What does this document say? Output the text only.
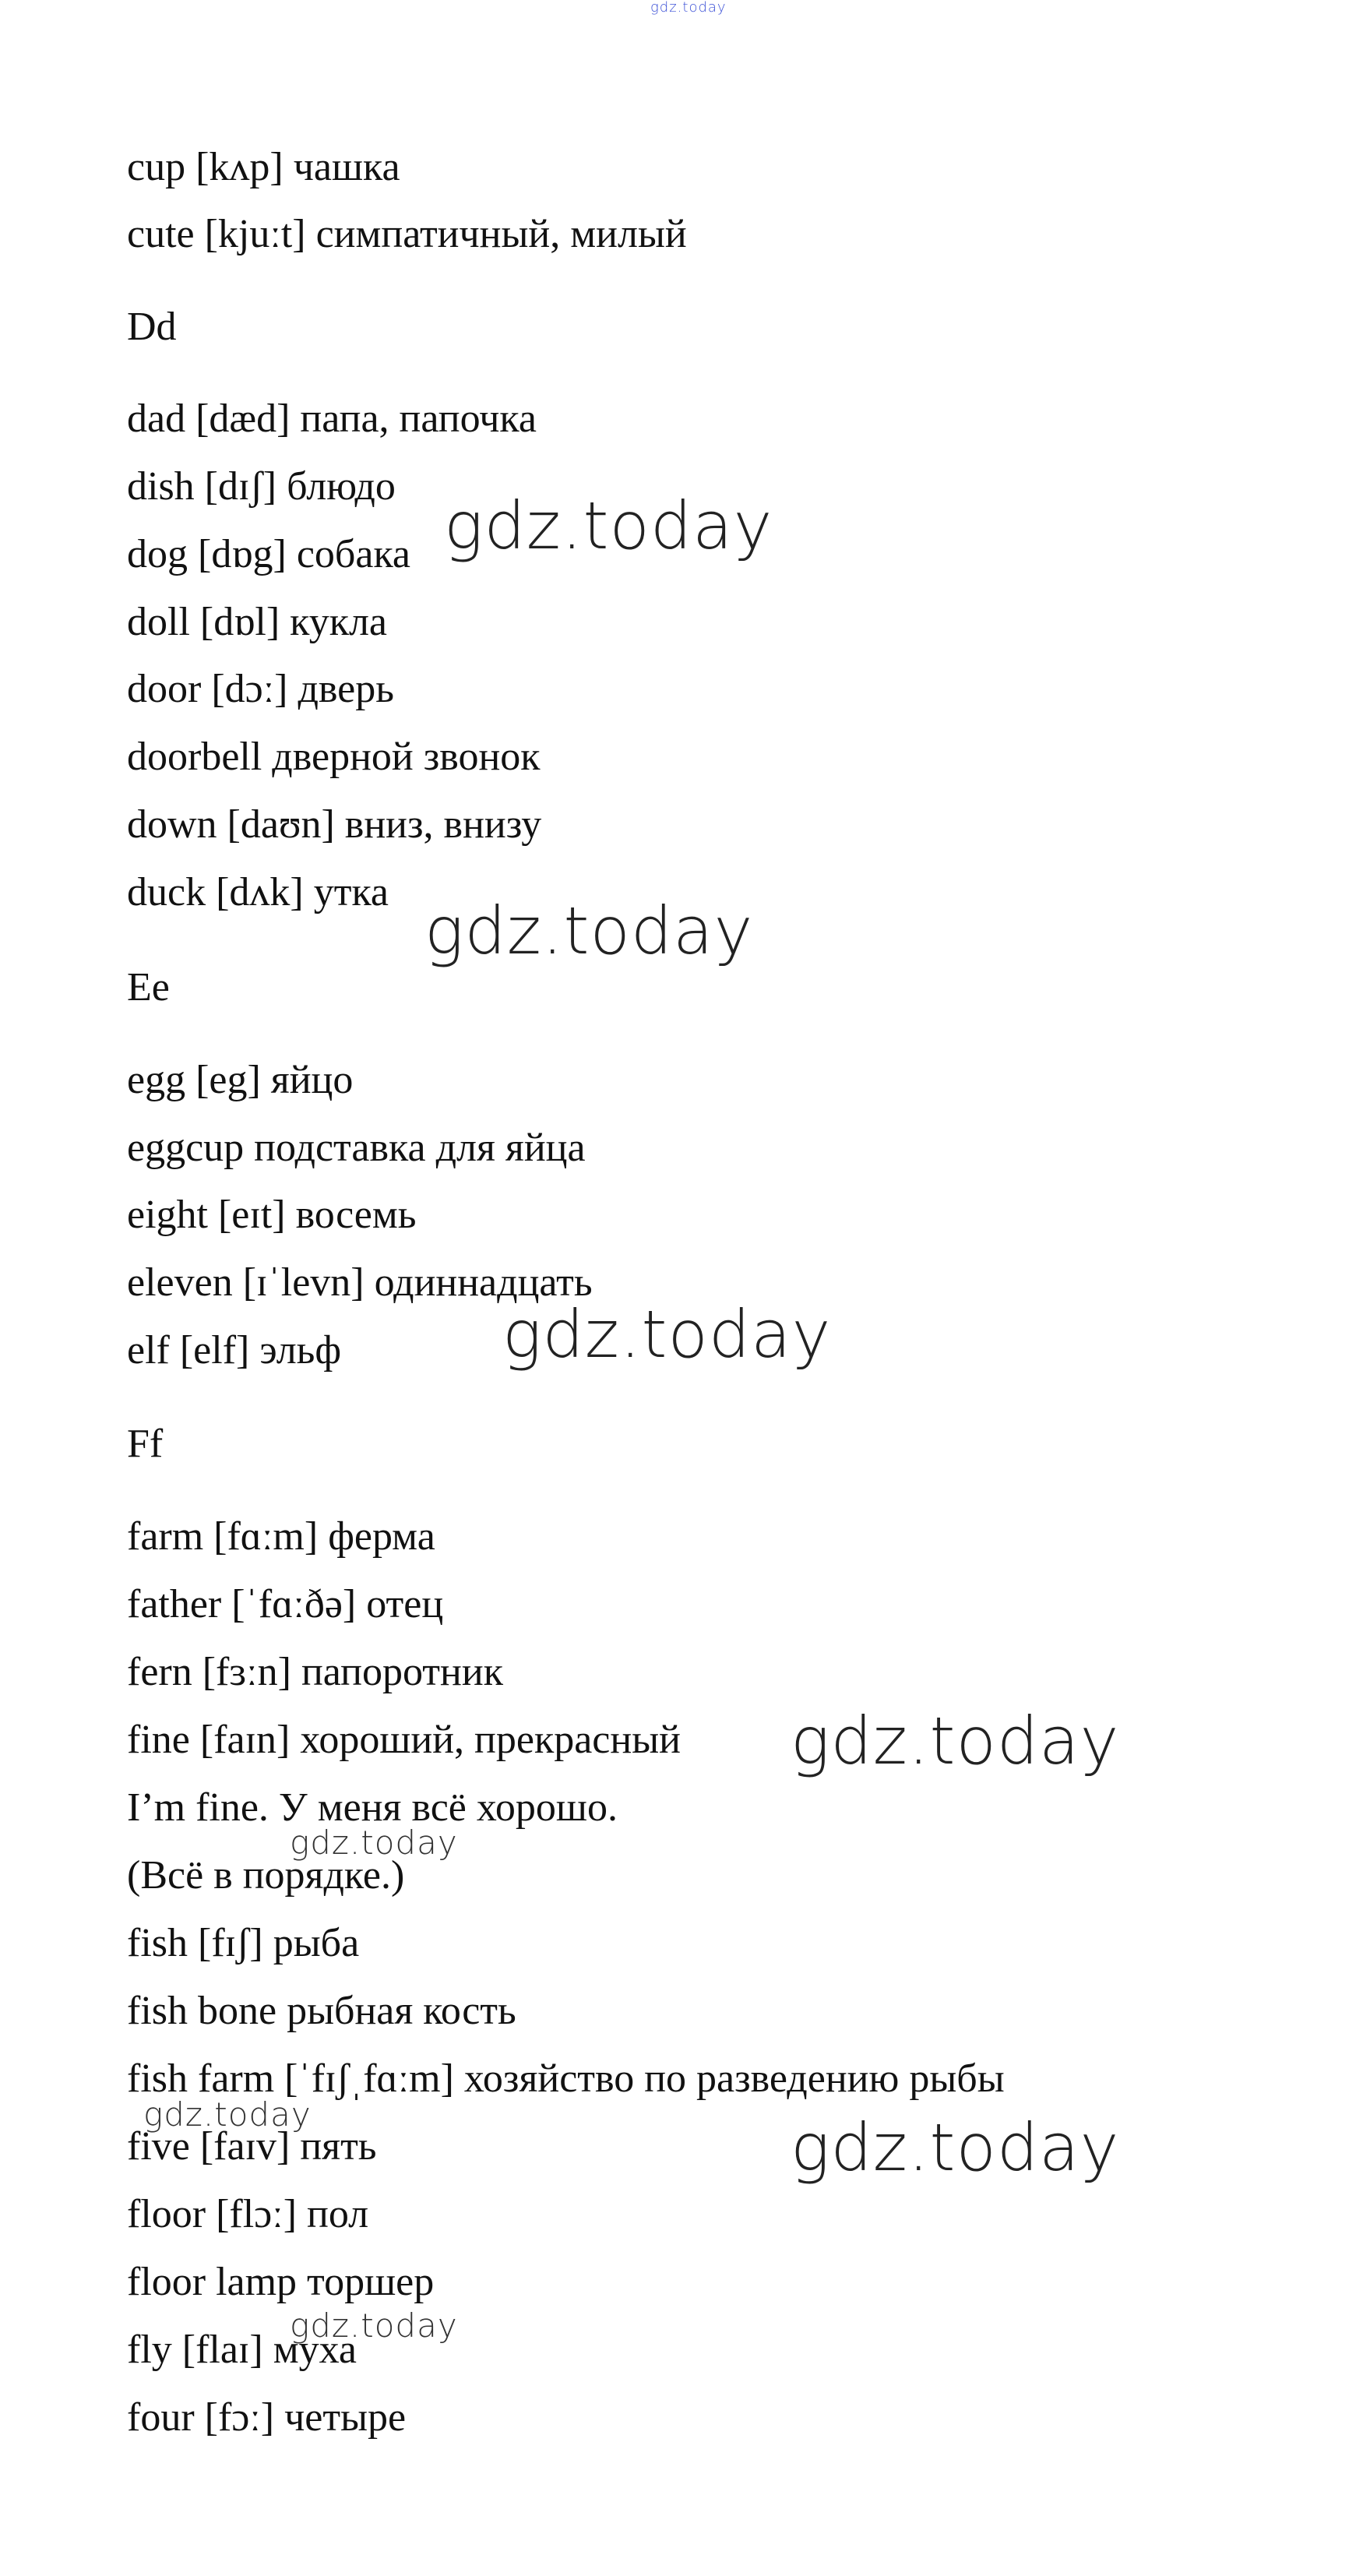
gdz.today
cup [kʌp] чашка
cute [kjuːt] симпатичный, милый
Dd
dad [dæd] папа, папочка
dish [dɪʃ] блюдо
dog [dɒg] собака
doll [dɒl] кукла
door [dɔː] дверь
doorbell дверной звонок
down [daʊn] вниз, внизу
duck [dʌk] утка
Ee
egg [eg] яйцо
eggcup подставка для яйца
eight [eɪt] восемь
eleven [ɪˈlevn] одиннадцать
elf [elf] эльф
Ff
farm [fɑːm] ферма
father [ˈfɑːðə] отец
fern [fɜːn] папоротник
fine [faɪn] хороший, прекрасный
I’m fine. У меня всё хорошо.
(Всё в порядке.)
fish [fɪʃ] рыба
fish bone рыбная кость
fish farm [ˈfɪʃˌfɑːm] хозяйство по разведению рыбы
five [faɪv] пять
floor [flɔː] пол
floor lamp торшер
fly [flaɪ] муха
four [fɔː] четыре
gdz.today
gdz.today
gdz.today
gdz.today
gdz.today
gdz.today	gdz.today
gdz.today
